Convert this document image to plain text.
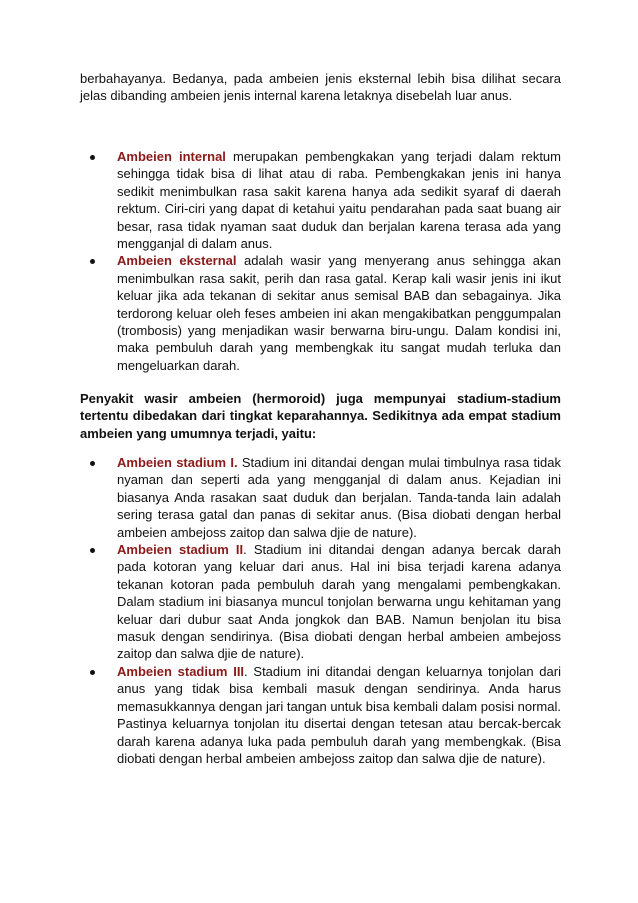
berbahayanya. Bedanya, pada ambeien jenis eksternal lebih bisa dilihat secara jelas dibanding ambeien jenis internal karena letaknya disebelah luar anus.

Ambeien internal merupakan pembengkakan yang terjadi dalam rektum sehingga tidak bisa di lihat atau di raba. Pembengkakan jenis ini hanya sedikit menimbulkan rasa sakit karena hanya ada sedikit syaraf di daerah rektum. Ciri-ciri yang dapat di ketahui yaitu pendarahan pada saat buang air besar, rasa tidak nyaman saat duduk dan berjalan karena terasa ada yang mengganjal di dalam anus.
Ambeien eksternal adalah wasir yang menyerang anus sehingga akan menimbulkan rasa sakit, perih dan rasa gatal. Kerap kali wasir jenis ini ikut keluar jika ada tekanan di sekitar anus semisal BAB dan sebagainya. Jika terdorong keluar oleh feses ambeien ini akan mengakibatkan penggumpalan (trombosis) yang menjadikan wasir berwarna biru-ungu. Dalam kondisi ini, maka pembuluh darah yang membengkak itu sangat mudah terluka dan mengeluarkan darah.

Penyakit wasir ambeien (hermoroid) juga mempunyai stadium-stadium tertentu dibedakan dari tingkat keparahannya. Sedikitnya ada empat stadium ambeien yang umumnya terjadi, yaitu:

Ambeien stadium I. Stadium ini ditandai dengan mulai timbulnya rasa tidak nyaman dan seperti ada yang mengganjal di dalam anus. Kejadian ini biasanya Anda rasakan saat duduk dan berjalan. Tanda-tanda lain adalah sering terasa gatal dan panas di sekitar anus. (Bisa diobati dengan herbal ambeien ambejoss zaitop dan salwa djie de nature).
Ambeien stadium II. Stadium ini ditandai dengan adanya bercak darah pada kotoran yang keluar dari anus. Hal ini bisa terjadi karena adanya tekanan kotoran pada pembuluh darah yang mengalami pembengkakan. Dalam stadium ini biasanya muncul tonjolan berwarna ungu kehitaman yang keluar dari dubur saat Anda jongkok dan BAB. Namun benjolan itu bisa masuk dengan sendirinya. (Bisa diobati dengan herbal ambeien ambejoss zaitop dan salwa djie de nature).
Ambeien stadium III. Stadium ini ditandai dengan keluarnya tonjolan dari anus yang tidak bisa kembali masuk dengan sendirinya. Anda harus memasukkannya dengan jari tangan untuk bisa kembali dalam posisi normal. Pastinya keluarnya tonjolan itu disertai dengan tetesan atau bercak-bercak darah karena adanya luka pada pembuluh darah yang membengkak. (Bisa diobati dengan herbal ambeien ambejoss zaitop dan salwa djie de nature).
